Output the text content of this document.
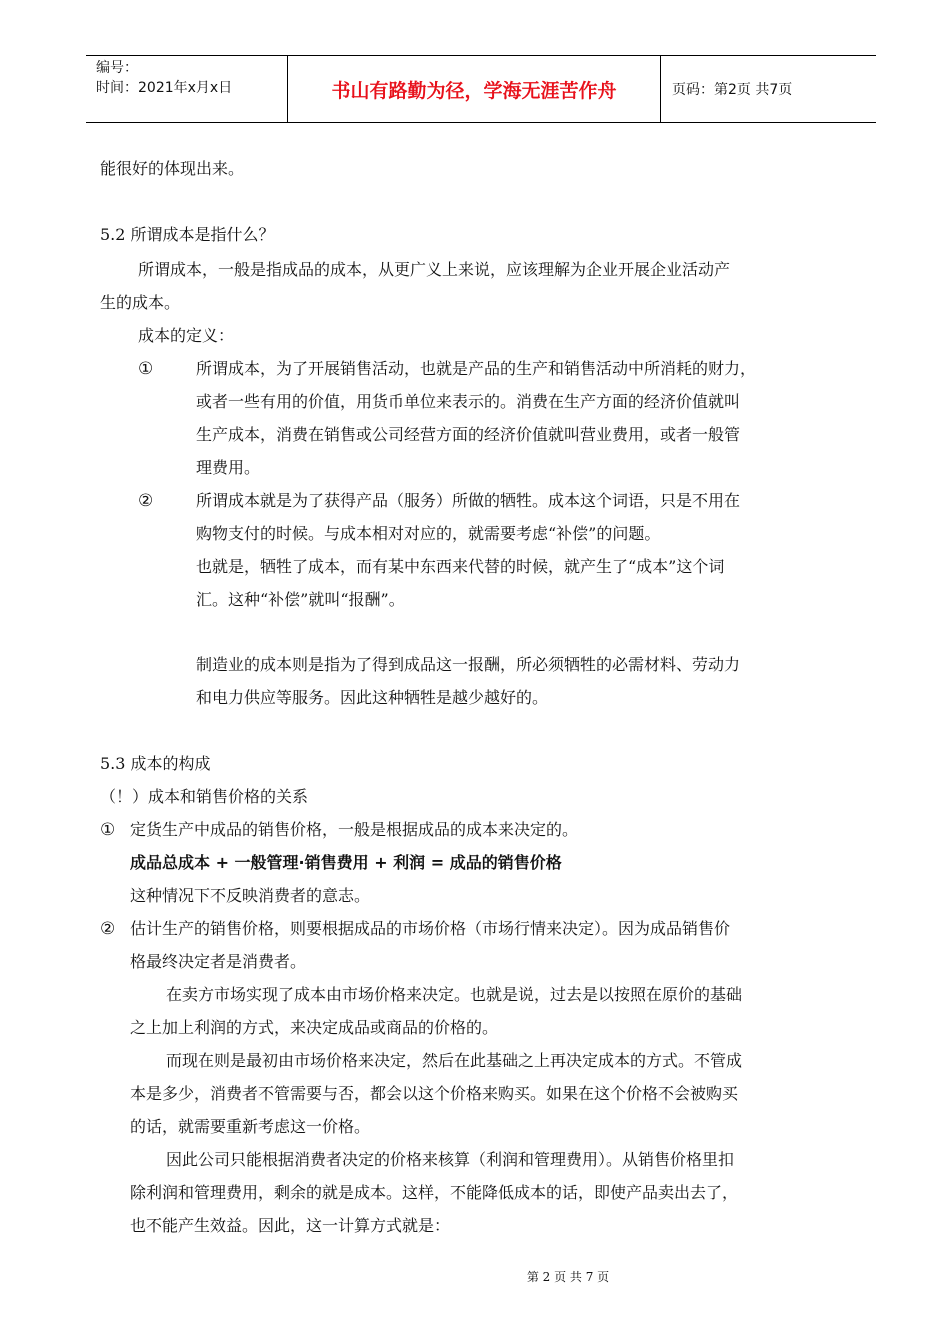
编号：
时间：2021年x月x日	书山有路勤为径，学海无涯苦作舟	页码：第2页 共7页
能很好的体现出来。
5.2 所谓成本是指什么？
所谓成本，一般是指成品的成本，从更广义上来说，应该理解为企业开展企业活动产
生的成本。
成本的定义：
①	所谓成本，为了开展销售活动，也就是产品的生产和销售活动中所消耗的财力，
或者一些有用的价值，用货币单位来表示的。消费在生产方面的经济价值就叫
生产成本，消费在销售或公司经营方面的经济价值就叫营业费用，或者一般管
理费用。
②	所谓成本就是为了获得产品（服务）所做的牺牲。成本这个词语，只是不用在
购物支付的时候。与成本相对对应的，就需要考虑“补偿”的问题。
也就是，牺牲了成本，而有某中东西来代替的时候，就产生了“成本”这个词
汇。这种“补偿”就叫“报酬”。
制造业的成本则是指为了得到成品这一报酬，所必须牺牲的必需材料、劳动力
和电力供应等服务。因此这种牺牲是越少越好的。
5.3 成本的构成
（！）成本和销售价格的关系
① 定货生产中成品的销售价格，一般是根据成品的成本来决定的。
成品总成本 + 一般管理·销售费用 + 利润 = 成品的销售价格
这种情况下不反映消费者的意志。
② 估计生产的销售价格，则要根据成品的市场价格（市场行情来决定）。因为成品销售价
格最终决定者是消费者。
在卖方市场实现了成本由市场价格来决定。也就是说，过去是以按照在原价的基础
之上加上利润的方式，来决定成品或商品的价格的。
而现在则是最初由市场价格来决定，然后在此基础之上再决定成本的方式。不管成
本是多少，消费者不管需要与否，都会以这个价格来购买。如果在这个价格不会被购买
的话，就需要重新考虑这一价格。
因此公司只能根据消费者决定的价格来核算（利润和管理费用）。从销售价格里扣
除利润和管理费用，剩余的就是成本。这样，不能降低成本的话，即使产品卖出去了，
也不能产生效益。因此，这一计算方式就是：
第 2 页 共 7 页
